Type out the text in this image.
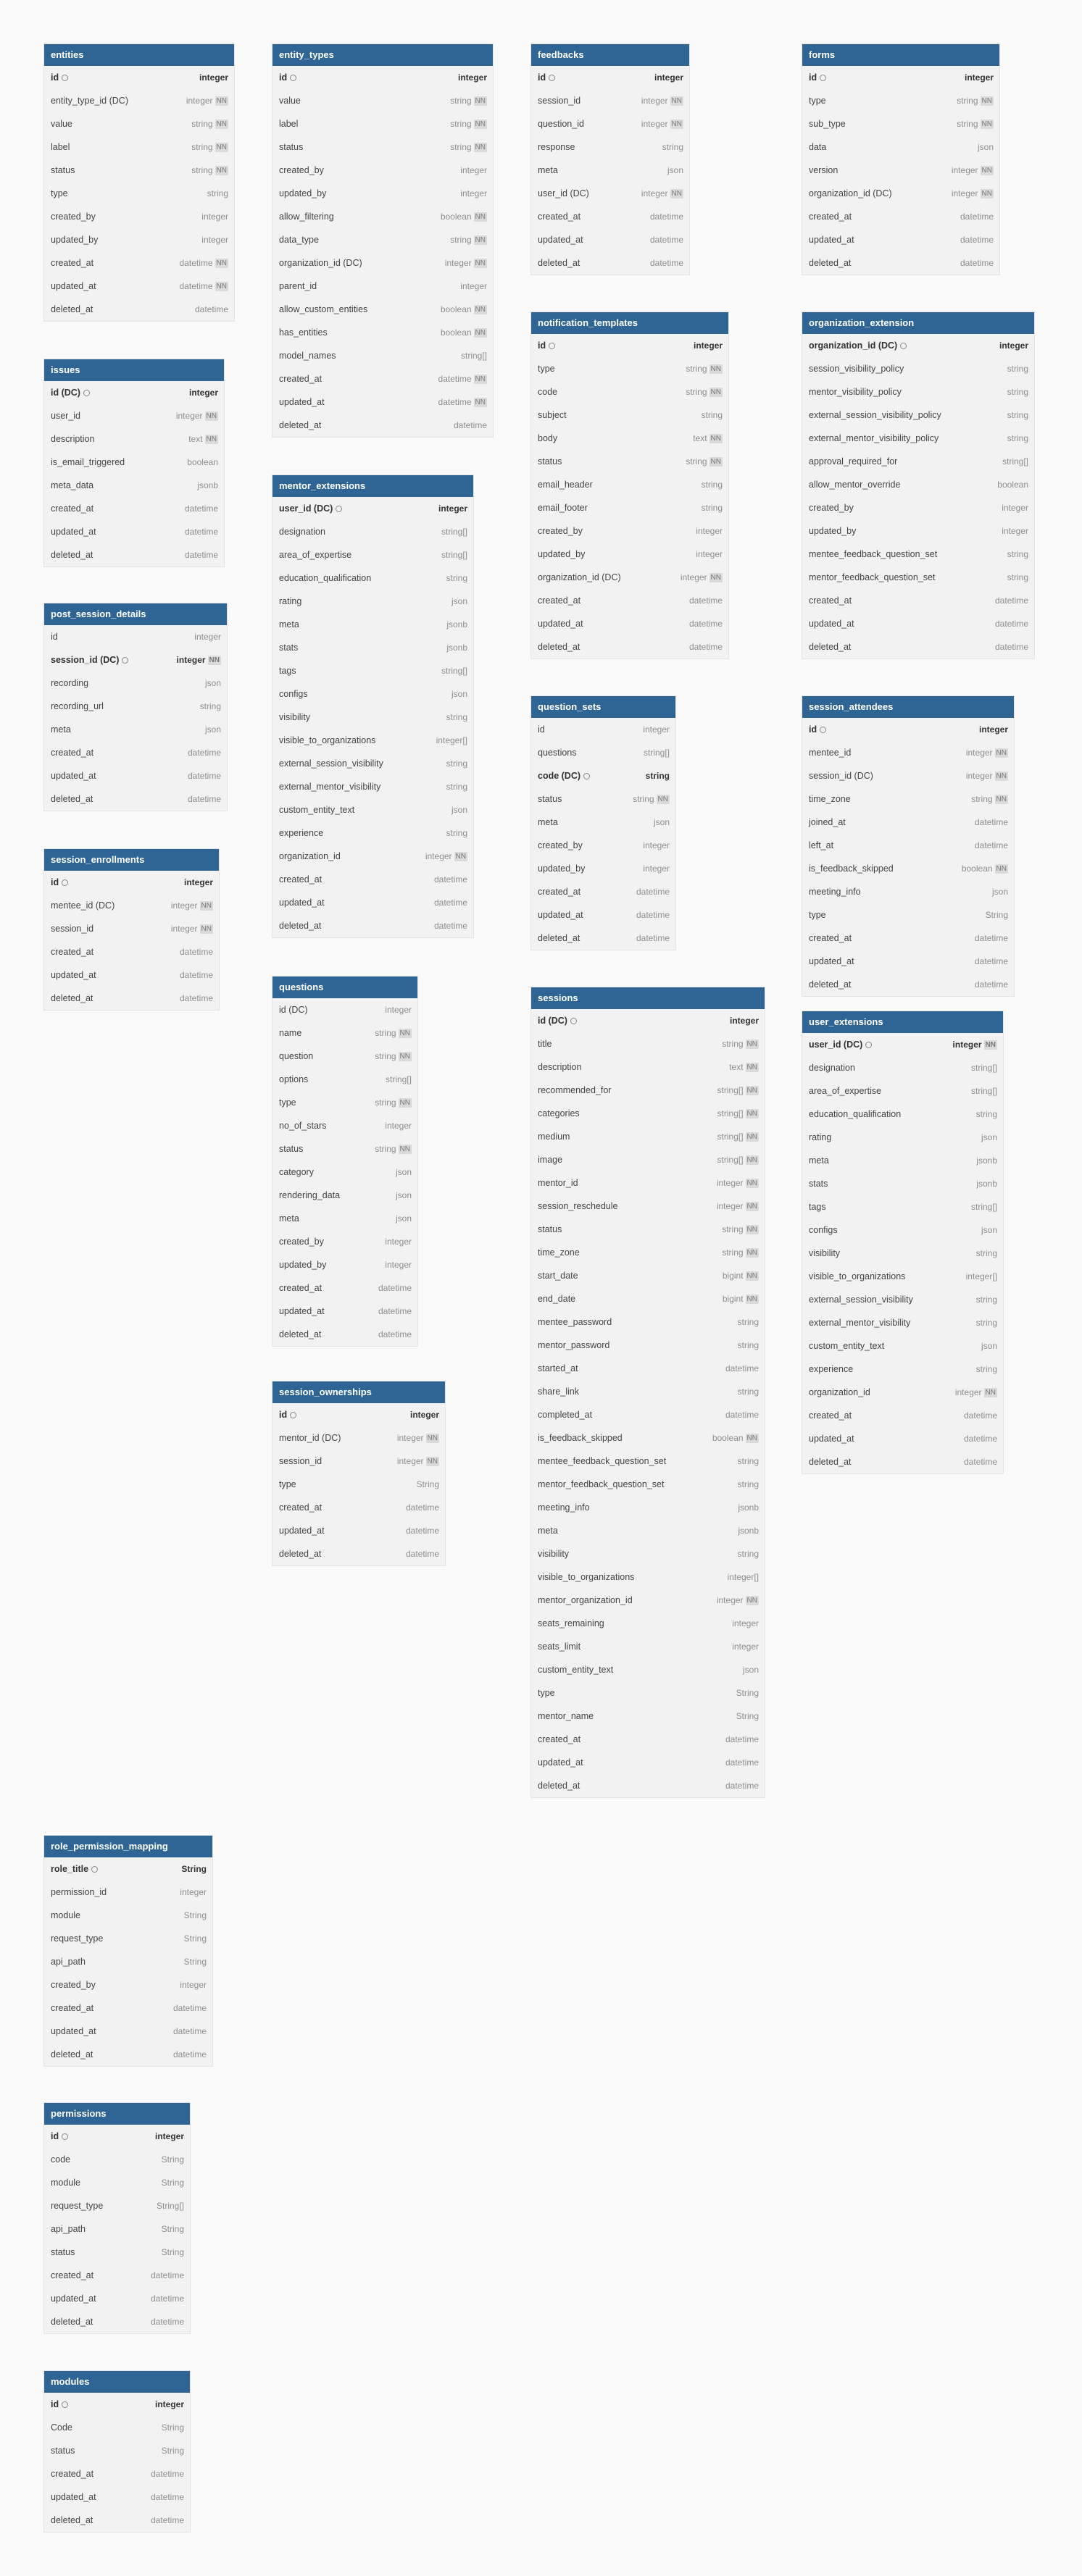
entities
id	integer
entity_type_id (DC)	integer NN
value	string NN
label	string NN
status	string NN
type	string
created_by	integer
updated_by	integer
created_at	datetime NN
updated_at	datetime NN
deleted_at	datetime
issues
id (DC)	integer
user_id	integer NN
description	text NN
is_email_triggered	boolean
meta_data	jsonb
created_at	datetime
updated_at	datetime
deleted_at	datetime
post_session_details
id	integer
session_id (DC)	integer NN
recording	json
recording_url	string
meta	json
created_at	datetime
updated_at	datetime
deleted_at	datetime
session_enrollments
id	integer
mentee_id (DC)	integer NN
session_id	integer NN
created_at	datetime
updated_at	datetime
deleted_at	datetime
role_permission_mapping
role_title	String
permission_id	integer
module	String
request_type	String
api_path	String
created_by	integer
created_at	datetime
updated_at	datetime
deleted_at	datetime
permissions
id	integer
code	String
module	String
request_type	String[]
api_path	String
status	String
created_at	datetime
updated_at	datetime
deleted_at	datetime
modules
id	integer
Code	String
status	String
created_at	datetime
updated_at	datetime
deleted_at	datetime
entity_types
id	integer
value	string NN
label	string NN
status	string NN
created_by	integer
updated_by	integer
allow_filtering	boolean NN
data_type	string NN
organization_id (DC)	integer NN
parent_id	integer
allow_custom_entities	boolean NN
has_entities	boolean NN
model_names	string[]
created_at	datetime NN
updated_at	datetime NN
deleted_at	datetime
mentor_extensions
user_id (DC)	integer
designation	string[]
area_of_expertise	string[]
education_qualification	string
rating	json
meta	jsonb
stats	jsonb
tags	string[]
configs	json
visibility	string
visible_to_organizations	integer[]
external_session_visibility	string
external_mentor_visibility	string
custom_entity_text	json
experience	string
organization_id	integer NN
created_at	datetime
updated_at	datetime
deleted_at	datetime
questions
id (DC)	integer
name	string NN
question	string NN
options	string[]
type	string NN
no_of_stars	integer
status	string NN
category	json
rendering_data	json
meta	json
created_by	integer
updated_by	integer
created_at	datetime
updated_at	datetime
deleted_at	datetime
session_ownerships
id	integer
mentor_id (DC)	integer NN
session_id	integer NN
type	String
created_at	datetime
updated_at	datetime
deleted_at	datetime
feedbacks
id	integer
session_id	integer NN
question_id	integer NN
response	string
meta	json
user_id (DC)	integer NN
created_at	datetime
updated_at	datetime
deleted_at	datetime
notification_templates
id	integer
type	string NN
code	string NN
subject	string
body	text NN
status	string NN
email_header	string
email_footer	string
created_by	integer
updated_by	integer
organization_id (DC)	integer NN
created_at	datetime
updated_at	datetime
deleted_at	datetime
question_sets
id	integer
questions	string[]
code (DC)	string
status	string NN
meta	json
created_by	integer
updated_by	integer
created_at	datetime
updated_at	datetime
deleted_at	datetime
sessions
id (DC)	integer
title	string NN
description	text NN
recommended_for	string[] NN
categories	string[] NN
medium	string[] NN
image	string[] NN
mentor_id	integer NN
session_reschedule	integer NN
status	string NN
time_zone	string NN
start_date	bigint NN
end_date	bigint NN
mentee_password	string
mentor_password	string
started_at	datetime
share_link	string
completed_at	datetime
is_feedback_skipped	boolean NN
mentee_feedback_question_set	string
mentor_feedback_question_set	string
meeting_info	jsonb
meta	jsonb
visibility	string
visible_to_organizations	integer[]
mentor_organization_id	integer NN
seats_remaining	integer
seats_limit	integer
custom_entity_text	json
type	String
mentor_name	String
created_at	datetime
updated_at	datetime
deleted_at	datetime
forms
id	integer
type	string NN
sub_type	string NN
data	json
version	integer NN
organization_id (DC)	integer NN
created_at	datetime
updated_at	datetime
deleted_at	datetime
organization_extension
organization_id (DC)	integer
session_visibility_policy	string
mentor_visibility_policy	string
external_session_visibility_policy	string
external_mentor_visibility_policy	string
approval_required_for	string[]
allow_mentor_override	boolean
created_by	integer
updated_by	integer
mentee_feedback_question_set	string
mentor_feedback_question_set	string
created_at	datetime
updated_at	datetime
deleted_at	datetime
session_attendees
id	integer
mentee_id	integer NN
session_id (DC)	integer NN
time_zone	string NN
joined_at	datetime
left_at	datetime
is_feedback_skipped	boolean NN
meeting_info	json
type	String
created_at	datetime
updated_at	datetime
deleted_at	datetime
user_extensions
user_id (DC)	integer NN
designation	string[]
area_of_expertise	string[]
education_qualification	string
rating	json
meta	jsonb
stats	jsonb
tags	string[]
configs	json
visibility	string
visible_to_organizations	integer[]
external_session_visibility	string
external_mentor_visibility	string
custom_entity_text	json
experience	string
organization_id	integer NN
created_at	datetime
updated_at	datetime
deleted_at	datetime
